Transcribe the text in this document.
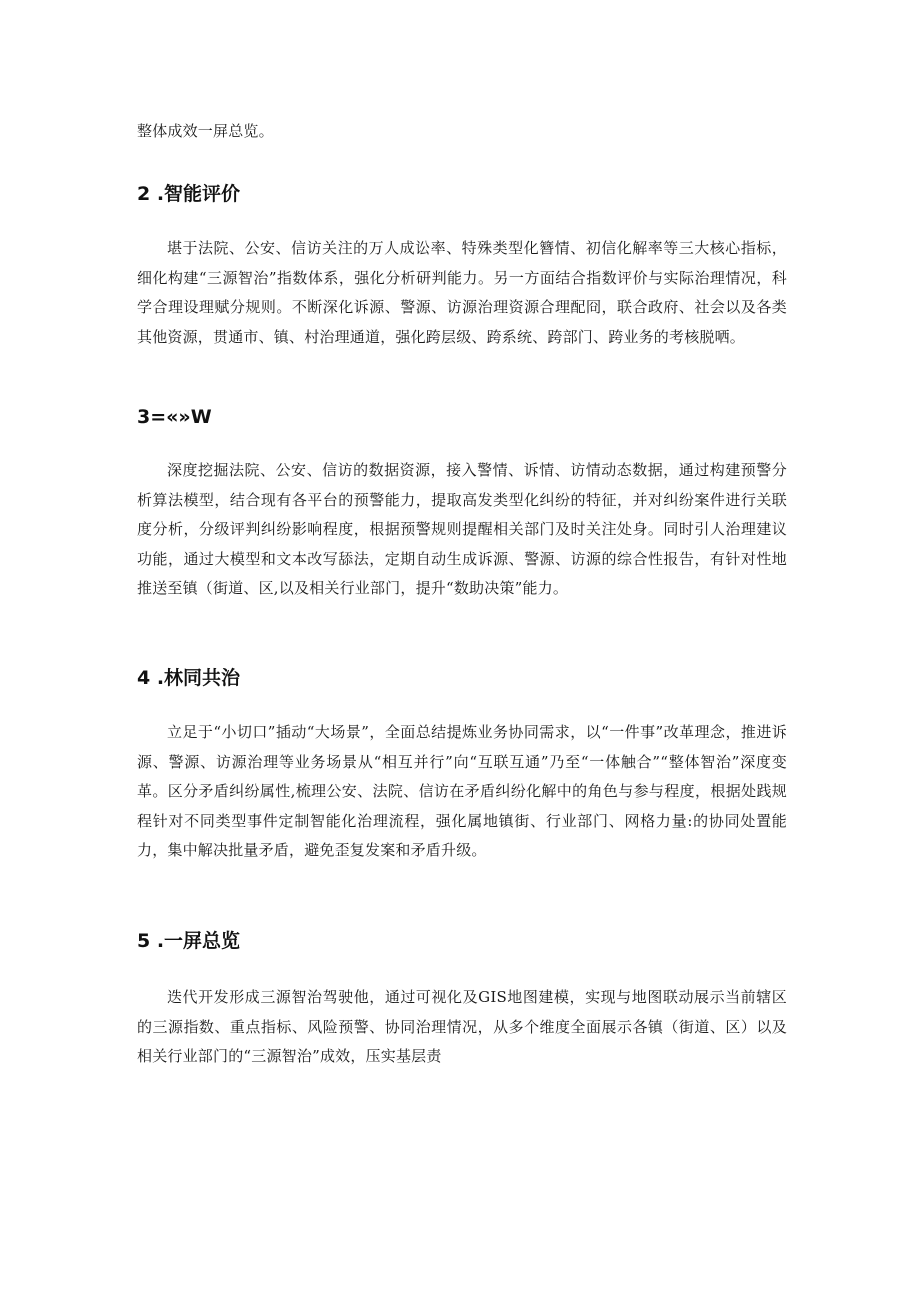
整体成效一屏总览。

2 .智能评价

堪于法院、公安、信访关注的万人成讼率、特殊类型化簪情、初信化解率等三大核心指标，细化构建“三源智治”指数体系，强化分析研判能力。另一方面结合指数评价与实际治理情况，科学合理设理赋分规则。不断深化诉源、警源、访源治理资源合理配冏，联合政府、社会以及各类其他资源，贯通市、镇、村治理通道，强化跨层级、跨系统、跨部门、跨业务的考核脱哂。

3=«»W

深度挖掘法院、公安、信访的数据资源，接入警情、诉情、访情动态数据，通过构建预警分析算法模型，结合现有各平台的预警能力，提取高发类型化纠纷的特征，并对纠纷案件进行关联度分析，分级评判纠纷影响程度，根据预警规则提醒相关部门及时关注处身。同时引人治理建议功能，通过大模型和文本改写舔法，定期自动生成诉源、警源、访源的综合性报告，有针对性地推送至镇（街道、区,以及相关行业部门，提升“数助决策”能力。

4 .林同共治

立足于“小切口”插动“大场景”，全面总结提炼业务协同需求，以“一件事”改革理念，推进诉源、警源、访源治理等业务场景从“相互并行”向“互联互通”乃至“一体触合”“整体智治”深度变革。区分矛盾纠纷属性,梳理公安、法院、信访在矛盾纠纷化解中的角色与参与程度，根据处践规程针对不同类型事件定制智能化治理流程，强化属地镇街、行业部门、网格力量:的协同处置能力，集中解决批量矛盾，避免歪复发案和矛盾升级。

5 .一屏总览

迭代开发形成三源智治驾驶他，通过可视化及GIS地图建模，实现与地图联动展示当前辖区的三源指数、重点指标、风险预警、协同治理情况，从多个维度全面展示各镇（街道、区）以及相关行业部门的“三源智治”成效，压实基层责
